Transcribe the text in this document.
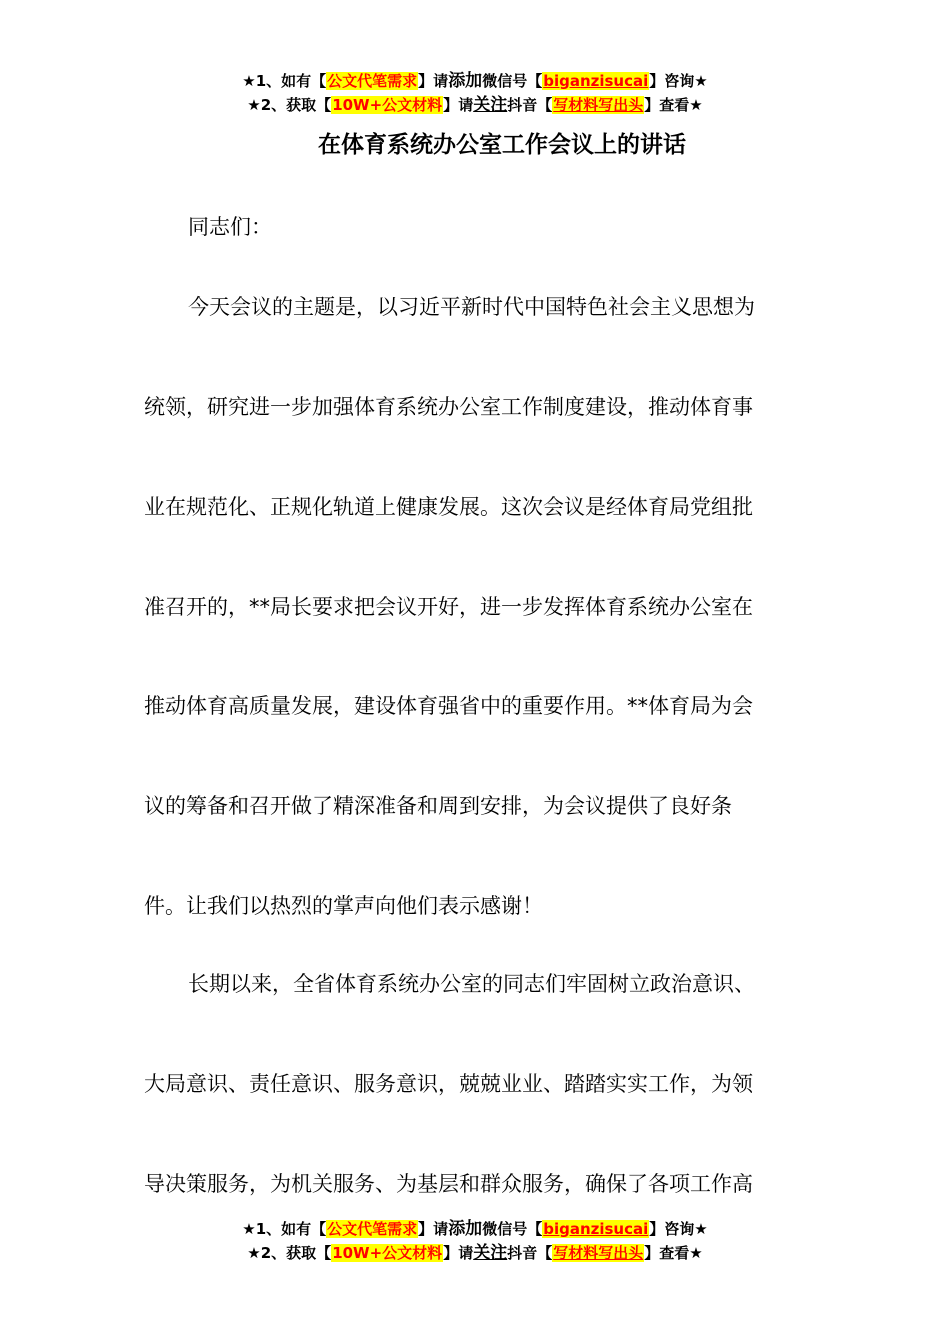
★1、如有【公文代笔需求】请添加微信号【biganzisucai】咨询★
★2、获取【10W+公文材料】请关注抖音【写材料写出头】查看★
在体育系统办公室工作会议上的讲话
同志们：
今天会议的主题是，以习近平新时代中国特色社会主义思想为
统领，研究进一步加强体育系统办公室工作制度建设，推动体育事
业在规范化、正规化轨道上健康发展。这次会议是经体育局党组批
准召开的，**局长要求把会议开好，进一步发挥体育系统办公室在
推动体育高质量发展，建设体育强省中的重要作用。**体育局为会
议的筹备和召开做了精深准备和周到安排，为会议提供了良好条
件。让我们以热烈的掌声向他们表示感谢！
长期以来，全省体育系统办公室的同志们牢固树立政治意识、
大局意识、责任意识、服务意识，兢兢业业、踏踏实实工作，为领
导决策服务，为机关服务、为基层和群众服务，确保了各项工作高
★1、如有【公文代笔需求】请添加微信号【biganzisucai】咨询★
★2、获取【10W+公文材料】请关注抖音【写材料写出头】查看★
